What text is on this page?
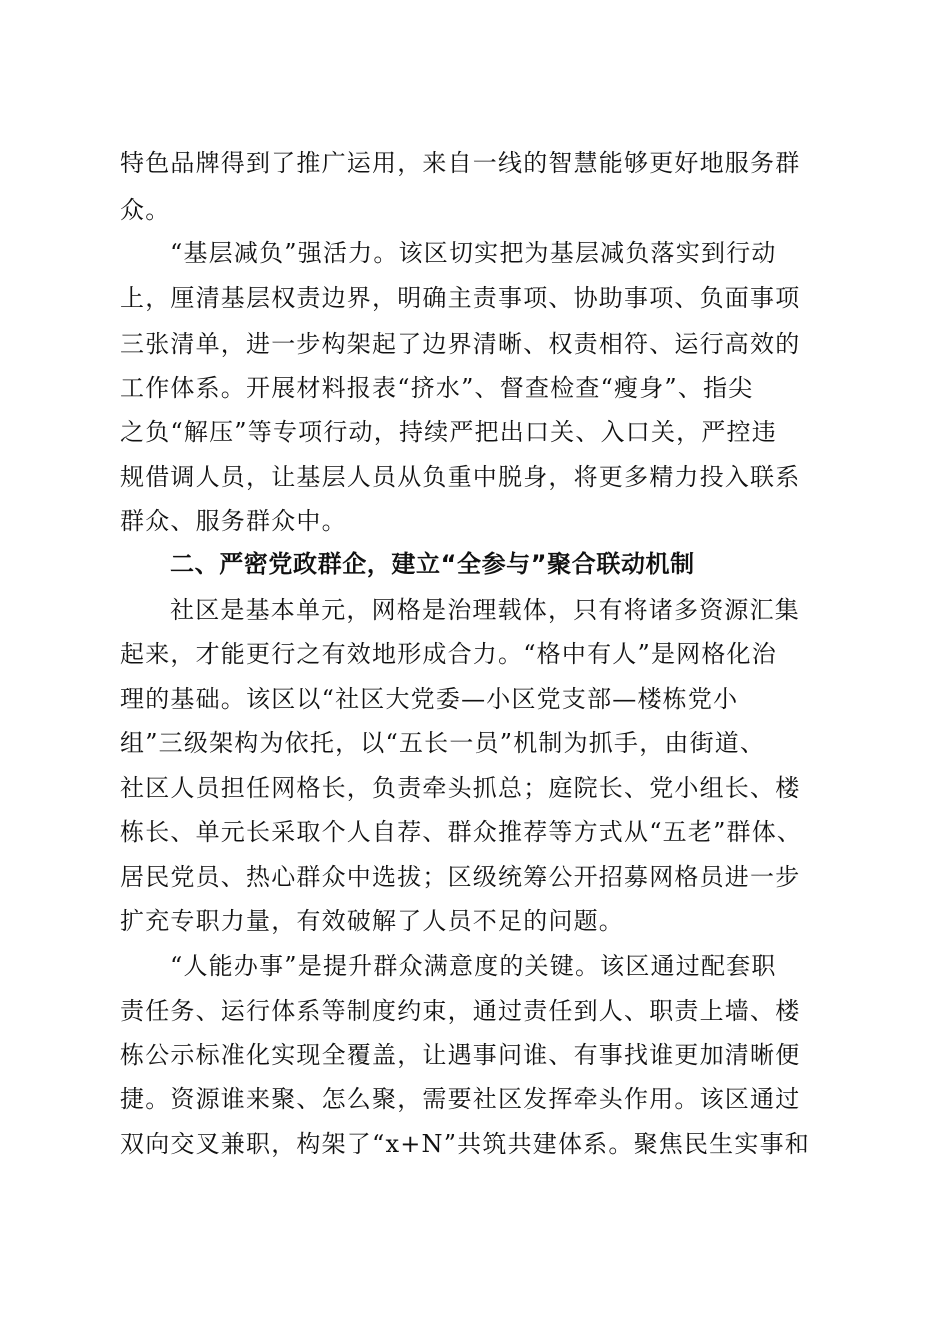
特色品牌得到了推广运用，来自一线的智慧能够更好地服务群
众。
“基层减负”强活力。该区切实把为基层减负落实到行动
上，厘清基层权责边界，明确主责事项、协助事项、负面事项
三张清单，进一步构架起了边界清晰、权责相符、运行高效的
工作体系。开展材料报表“挤水”、督查检查“瘦身”、指尖
之负“解压”等专项行动，持续严把出口关、入口关，严控违
规借调人员，让基层人员从负重中脱身，将更多精力投入联系
群众、服务群众中。
二、严密党政群企，建立“全参与”聚合联动机制
社区是基本单元，网格是治理载体，只有将诸多资源汇集
起来，才能更行之有效地形成合力。“格中有人”是网格化治
理的基础。该区以“社区大党委—小区党支部—楼栋党小
组”三级架构为依托，以“五长一员”机制为抓手，由街道、
社区人员担任网格长，负责牵头抓总；庭院长、党小组长、楼
栋长、单元长采取个人自荐、群众推荐等方式从“五老”群体、
居民党员、热心群众中选拔；区级统筹公开招募网格员进一步
扩充专职力量，有效破解了人员不足的问题。
“人能办事”是提升群众满意度的关键。该区通过配套职
责任务、运行体系等制度约束，通过责任到人、职责上墙、楼
栋公示标准化实现全覆盖，让遇事问谁、有事找谁更加清晰便
捷。资源谁来聚、怎么聚，需要社区发挥牵头作用。该区通过
双向交叉兼职，构架了“x+N”共筑共建体系。聚焦民生实事和
